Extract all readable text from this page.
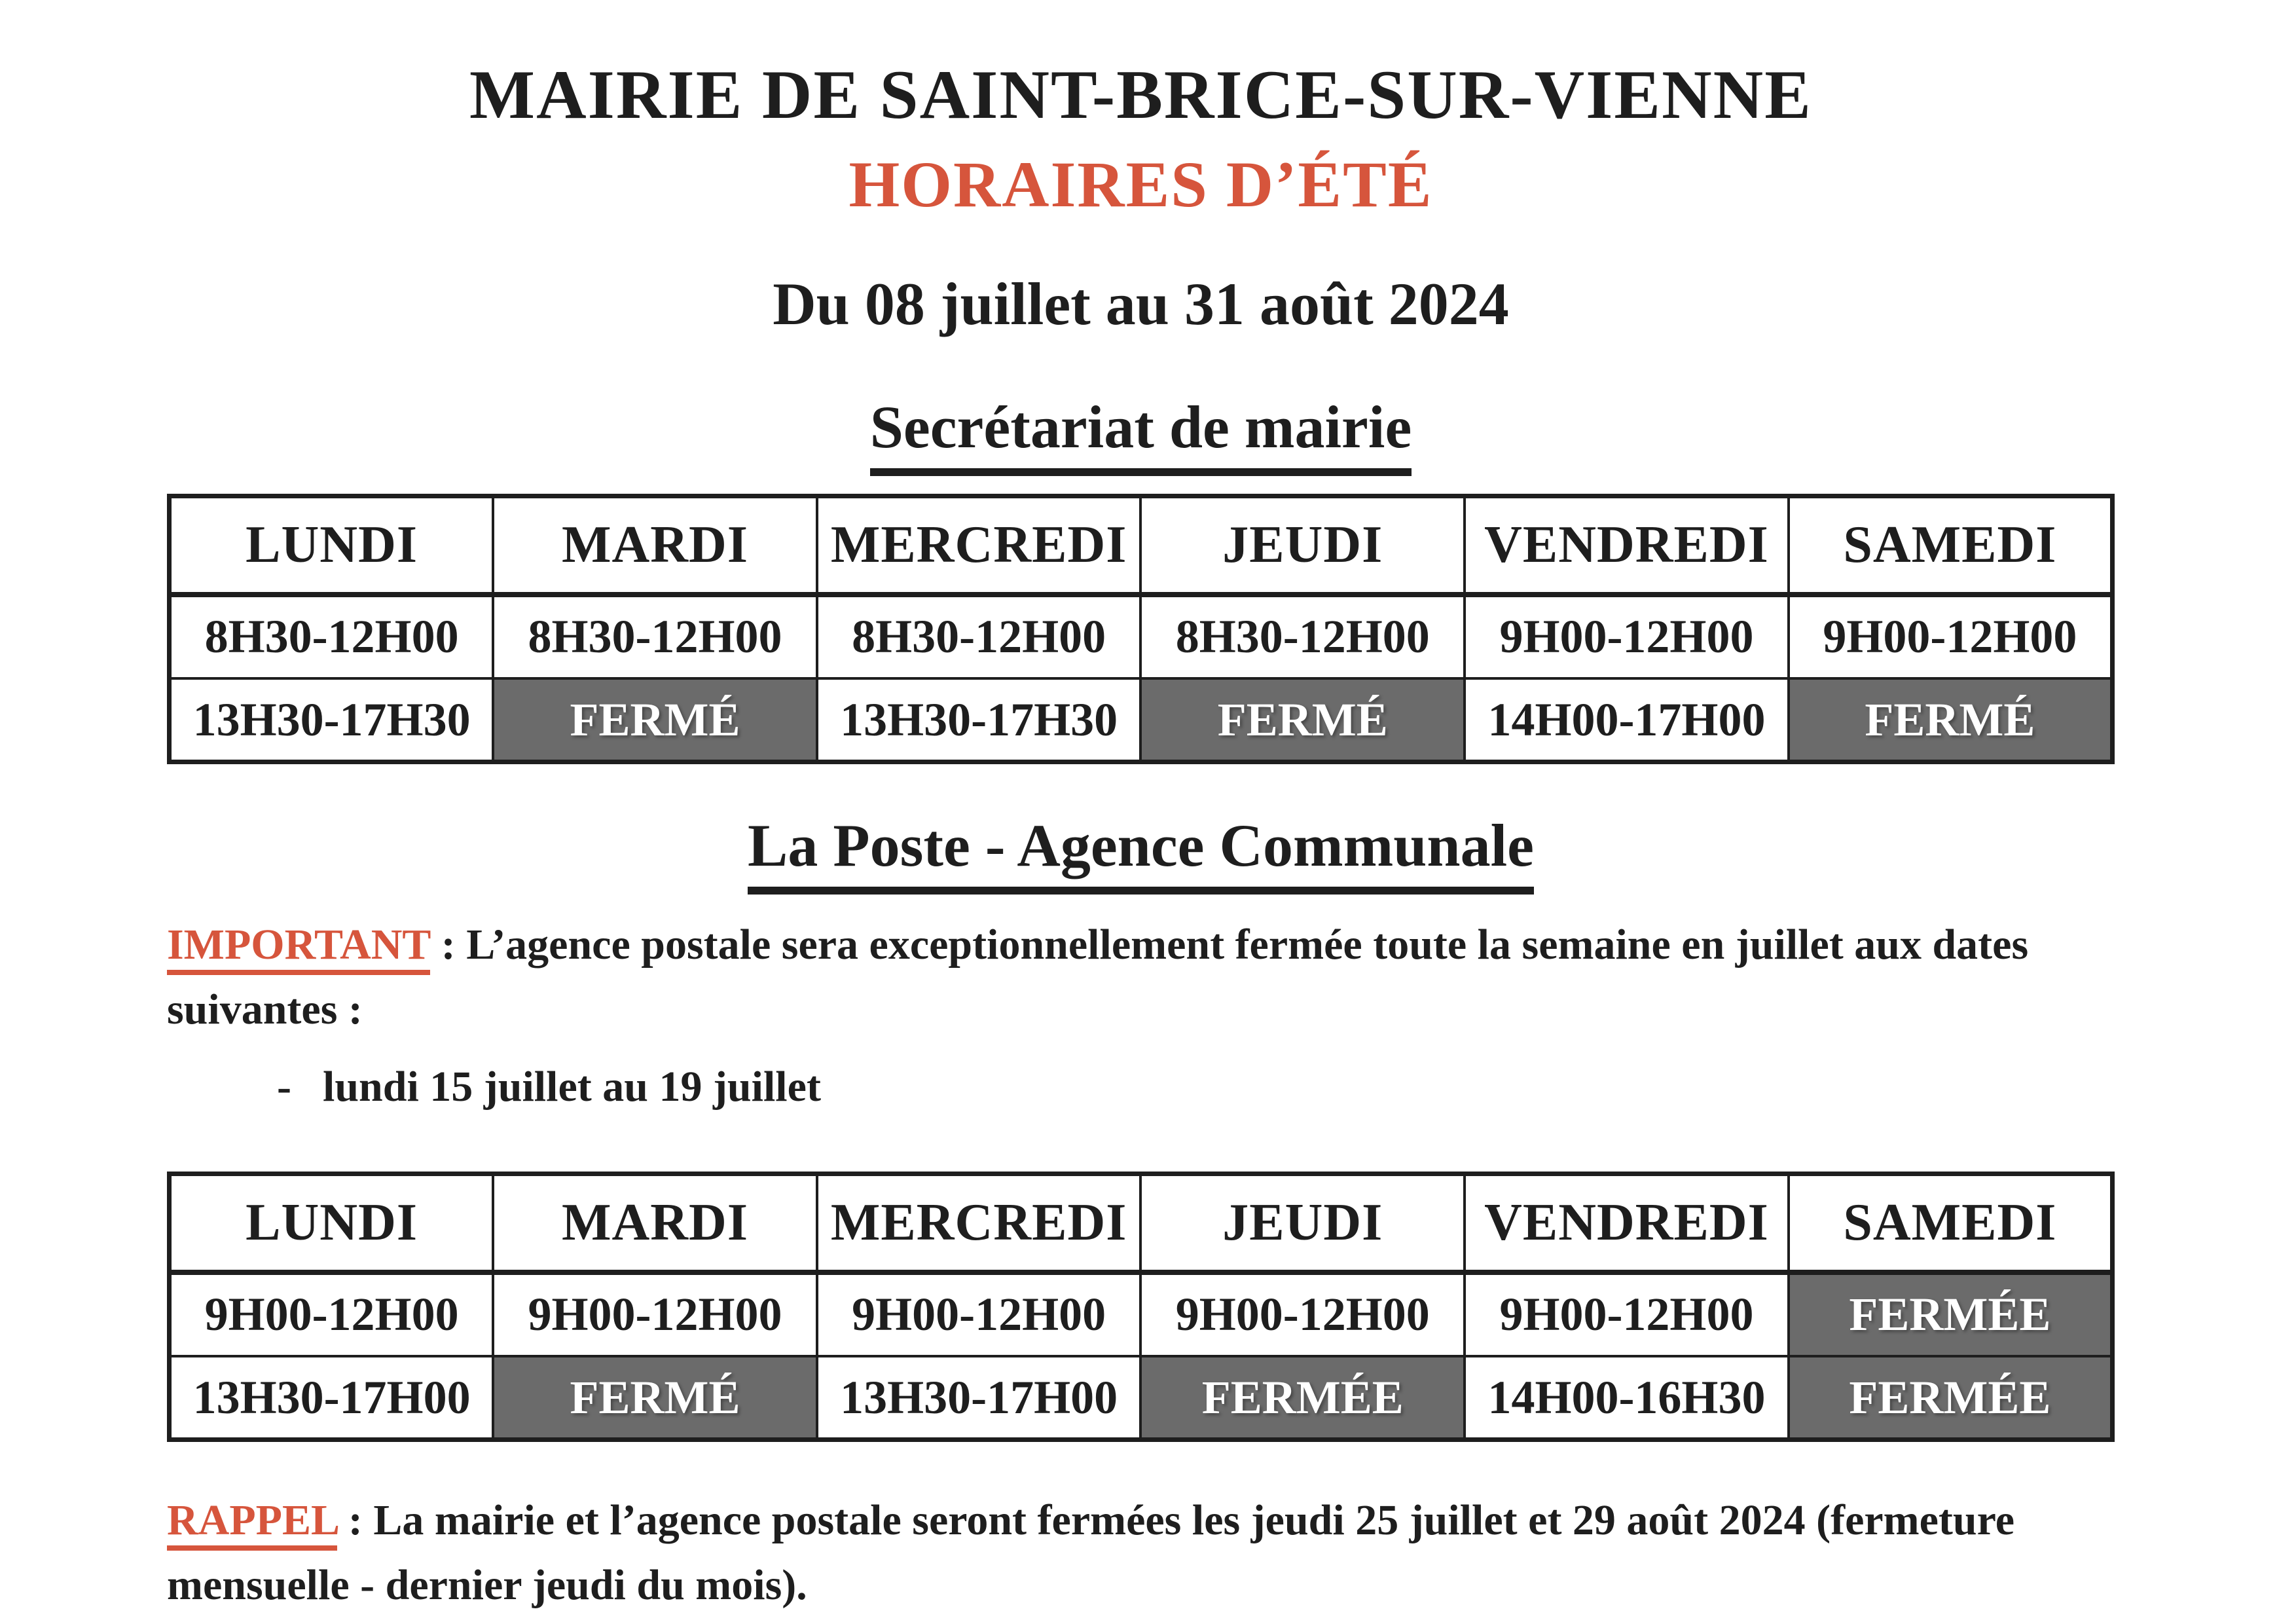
MAIRIE DE SAINT-BRICE-SUR-VIENNE
HORAIRES D’ÉTÉ
Du 08 juillet au 31 août 2024
Secrétariat de mairie
LUNDI	MARDI	MERCREDI	JEUDI	VENDREDI	SAMEDI
8H30-12H00	8H30-12H00	8H30-12H00	8H30-12H00	9H00-12H00	9H00-12H00
13H30-17H30	FERMÉ	13H30-17H30	FERMÉ	14H00-17H00	FERMÉ
La Poste - Agence Communale

IMPORTANT : L’agence postale sera exceptionnellement fermée toute la semaine en juillet aux dates suivantes :

- lundi 15 juillet au 19 juillet
LUNDI	MARDI	MERCREDI	JEUDI	VENDREDI	SAMEDI
9H00-12H00	9H00-12H00	9H00-12H00	9H00-12H00	9H00-12H00	FERMÉE
13H30-17H00	FERMÉ	13H30-17H00	FERMÉE	14H00-16H30	FERMÉE

RAPPEL : La mairie et l’agence postale seront fermées les jeudi 25 juillet et 29 août 2024 (fermeture mensuelle - dernier jeudi du mois).
